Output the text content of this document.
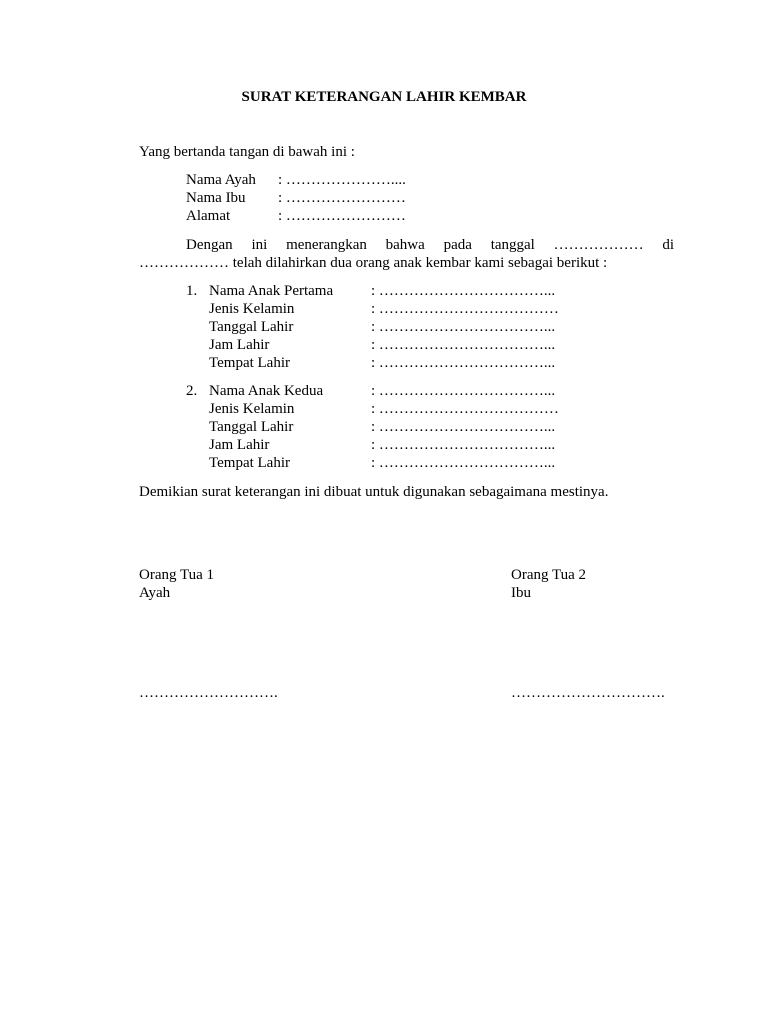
SURAT KETERANGAN LAHIR KEMBAR
Yang bertanda tangan di bawah ini :
Nama Ayah : …………………....
Nama Ibu : ……………………
Alamat	: ……………………
Dengan ini menerangkan bahwa pada tanggal ……………… di
……………… telah dilahirkan dua orang anak kembar kami sebagai berikut :
1. Nama Anak Pertama	: ……………………………...
Jenis Kelamin	: ………………………………
Tanggal Lahir	: ……………………………...
Jam Lahir	: ……………………………...
Tempat Lahir	: ……………………………...
2. Nama Anak Kedua	: ……………………………...
Jenis Kelamin	: ………………………………
Tanggal Lahir	: ……………………………...
Jam Lahir	: ……………………………...
Tempat Lahir	: ……………………………...
Demikian surat keterangan ini dibuat untuk digunakan sebagaimana mestinya.
Orang Tua 1
Ayah
Orang Tua 2
Ibu
……………………….	………………………….
